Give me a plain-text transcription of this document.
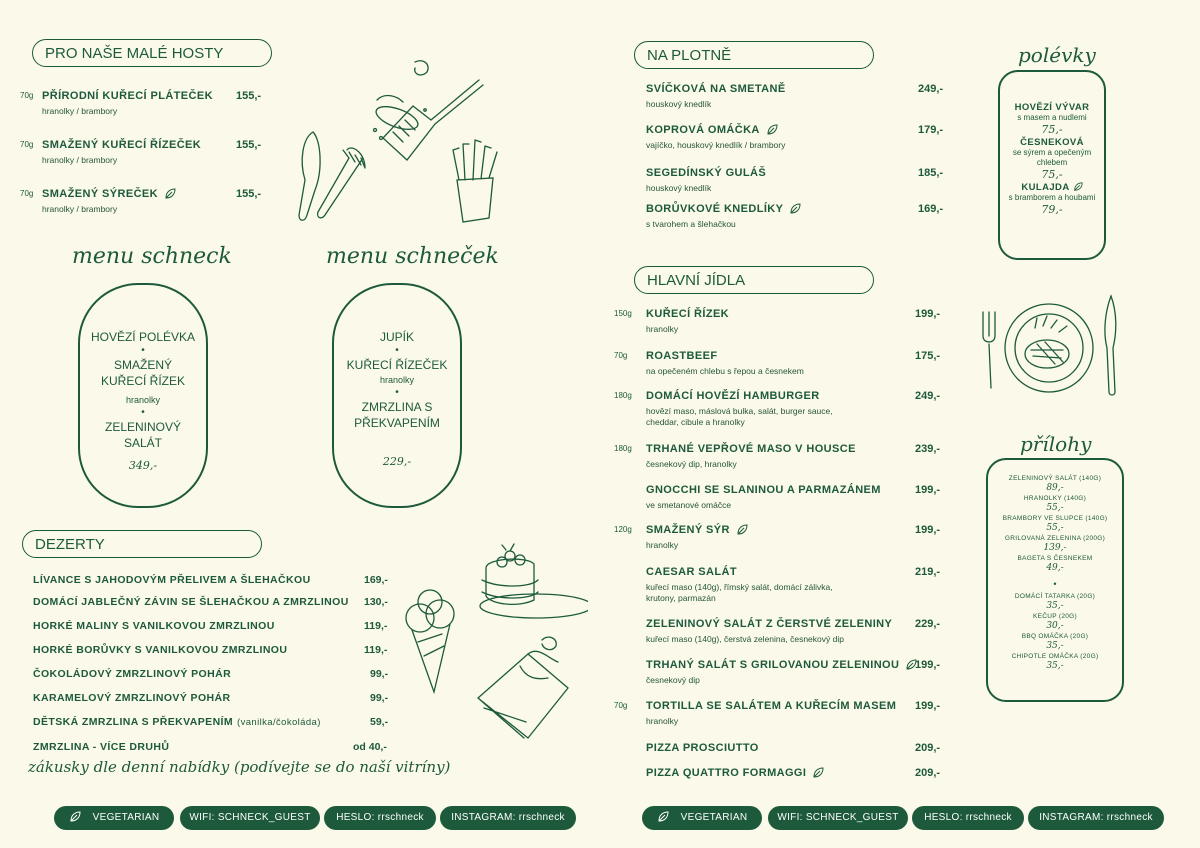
PRO NAŠE MALÉ HOSTY
70g PŘÍRODNÍ KUŘECÍ PLÁTEČEK
hranolky / brambory
155,-
70g SMAŽENÝ KUŘECÍ ŘÍZEČEK
hranolky / brambory
155,-
70g SMAŽENÝ SÝREČEK
hranolky / brambory
155,-
menu schneck
HOVĚZÍ POLÉVKA
•
SMAŽENÝ KUŘECÍ ŘÍZEK
hranolky
•
ZELENINOVÝ SALÁT
349,-
menu schneček
JUPÍK
•
KUŘECÍ ŘÍZEČEK
hranolky
•
ZMRZLINA S PŘEKVAPENÍM
229,-
DEZERTY
LÍVANCE S JAHODOVÝM PŘELIVEM A ŠLEHAČKOU	169,-
DOMÁCÍ JABLEČNÝ ZÁVIN SE ŠLEHAČKOU A ZMRZLINOU 130,-
HORKÉ MALINY S VANILKOVOU ZMRZLINOU	119,-
HORKÉ BORŮVKY S VANILKOVOU ZMRZLINOU	119,-
ČOKOLÁDOVÝ ZMRZLINOVÝ POHÁR	99,-
KARAMELOVÝ ZMRZLINOVÝ POHÁR	99,-
DĚTSKÁ ZMRZLINA S PŘEKVAPENÍM (vanilka/čokoláda)	59,-
ZMRZLINA - VÍCE DRUHŮ	od 40,-
zákusky dle denní nabídky (podívejte se do naší vitríny)
VEGETARIAN	WIFI: SCHNECK_GUEST	HESLO: rrschneck	INSTAGRAM: rrschneck
NA PLOTNĚ
SVÍČKOVÁ NA SMETANĚ
houskový knedlík
249,-
KOPROVÁ OMÁČKA
vajíčko, houskový knedlík / brambory
179,-
SEGEDÍNSKÝ GULÁŠ
houskový knedlík
185,-
BORŮVKOVÉ KNEDLÍKY
s tvarohem a šlehačkou
169,-
polévky
HOVĚZÍ VÝVAR
s masem a nudlemi
75,-
ČESNEKOVÁ
se sýrem a opečeným chlebem
75,-
KULAJDA
s bramborem a houbami
79,-
HLAVNÍ JÍDLA
150g KUŘECÍ ŘÍZEK
hranolky
199,-
70g ROASTBEEF
na opečeném chlebu s řepou a česnekem
175,-
180g DOMÁCÍ HOVĚZÍ HAMBURGER
hovězí maso, máslová bulka, salát, burger sauce,
cheddar, cibule a hranolky
249,-
180g TRHANÉ VEPŘOVÉ MASO V HOUSCE
česnekový dip, hranolky
239,-
GNOCCHI SE SLANINOU A PARMAZÁNEM
ve smetanové omáčce
199,-
120g SMAŽENÝ SÝR
hranolky
199,-
CAESAR SALÁT
kuřecí maso (140g), římský salát, domácí zálivka,
krutony, parmazán
219,-
ZELENINOVÝ SALÁT Z ČERSTVÉ ZELENINY
kuřecí maso (140g), čerstvá zelenina, česnekový dip
229,-
TRHANÝ SALÁT S GRILOVANOU ZELENINOU
česnekový dip
199,-
70g TORTILLA SE SALÁTEM A KUŘECÍM MASEM
hranolky
199,-
PIZZA PROSCIUTTO	209,-
PIZZA QUATTRO FORMAGGI	209,-
přílohy
ZELENINOVÝ SALÁT (140G)
89,-
HRANOLKY (140G)
55,-
BRAMBORY VE SLUPCE (140G)
55,-
GRILOVANÁ ZELENINA (200G)
139,-
BAGETA S ČESNEKEM
49,-
•
DOMÁCÍ TATARKA (20G)
35,-
KEČUP (20G)
30,-
BBQ OMÁČKA (20G)
35,-
CHIPOTLE OMÁČKA (20G)
35,-
VEGETARIAN	WIFI: SCHNECK_GUEST	HESLO: rrschneck	INSTAGRAM: rrschneck
